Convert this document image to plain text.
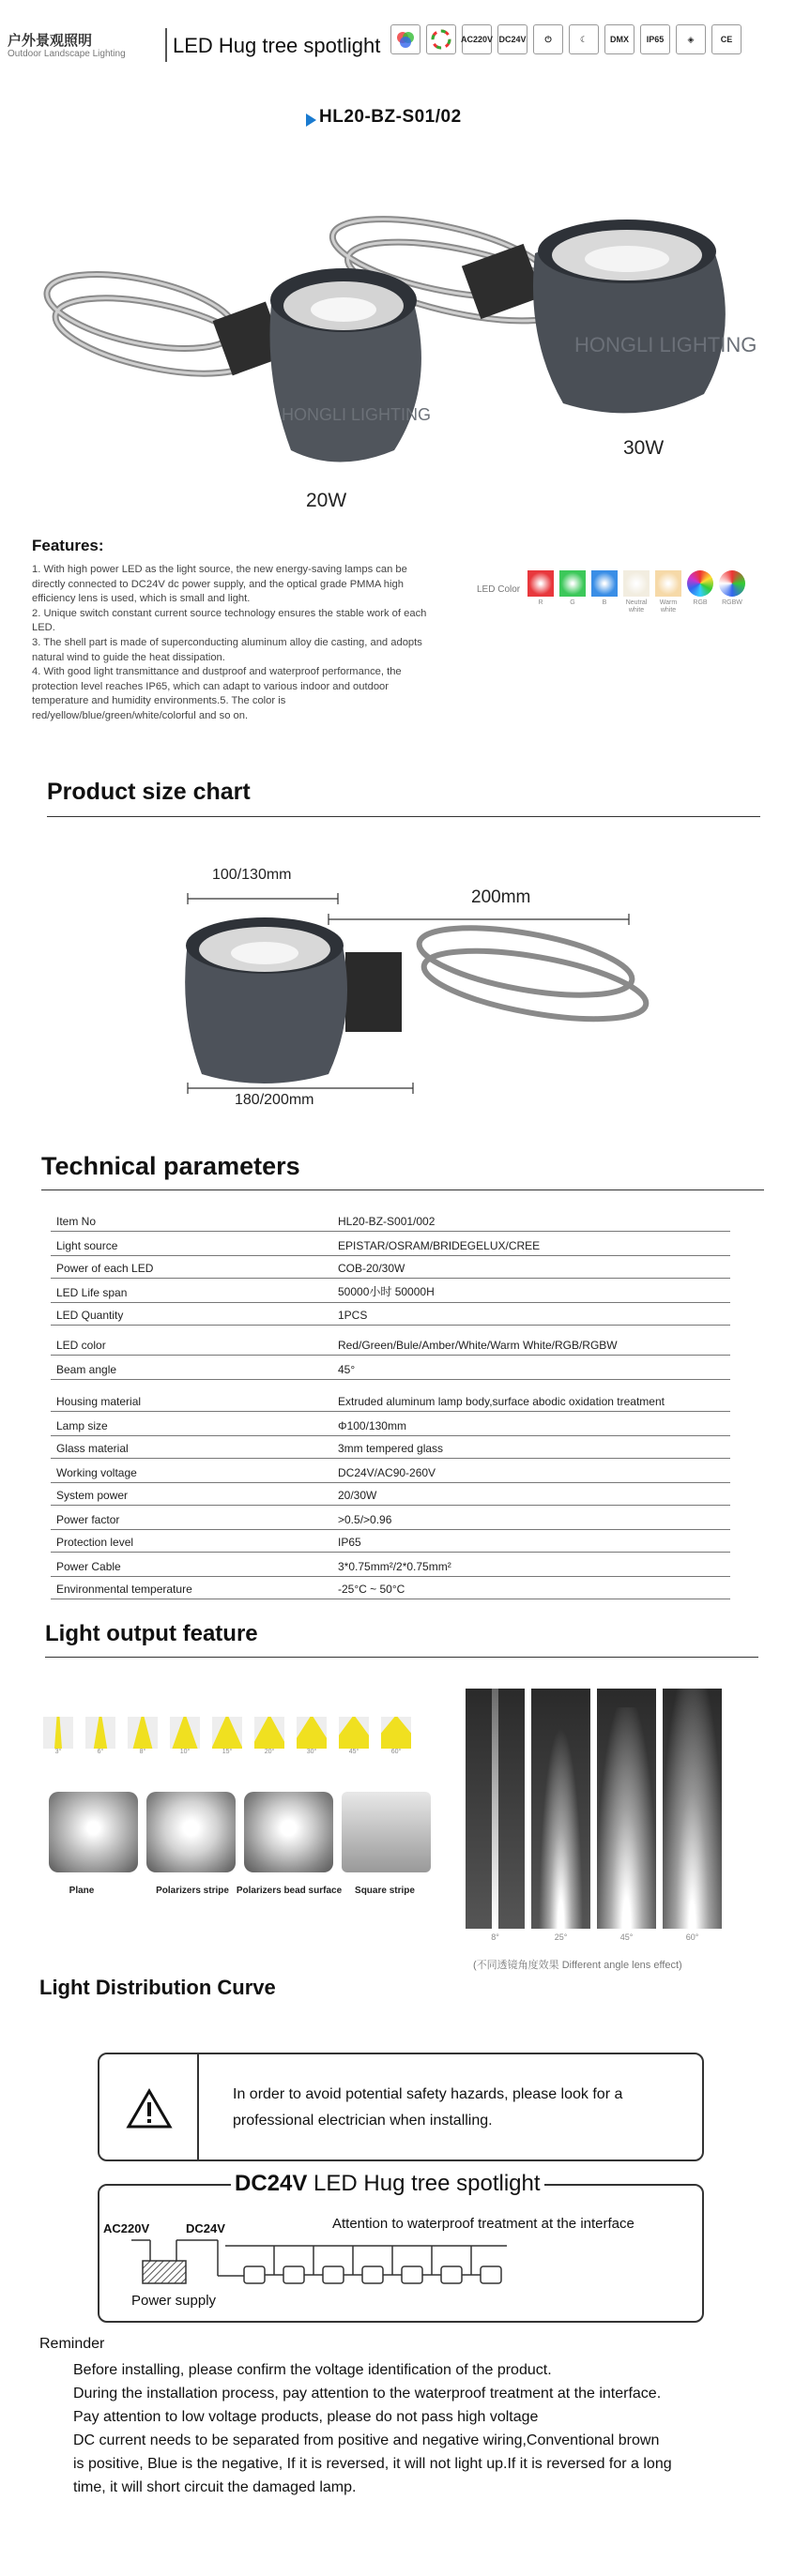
户外景观照明
Outdoor Landscape Lighting LED Hug tree spotlight	AC220V DC24V ⏻	☾	DMX IP65	◈	CE
HL20-BZ-S01/02
HONGLI LIGHTING
HONGLI LIGHTING
20W
30W
Features:

1. With high power LED as the light source, the new energy-saving lamps can be directly connected to DC24V dc power supply, and the optical grade PMMA high efficiency lens is used, which is small and light.

2. Unique switch constant current source technology ensures the stable work of each LED.

3. The shell part is made of superconducting aluminum alloy die casting, and adopts natural wind to guide the heat dissipation.

4. With good light transmittance and dustproof and waterproof performance, the protection level reaches IP65, which can adapt to various indoor and outdoor temperature and humidity environments.5. The color is red/yellow/blue/green/white/colorful and so on.

LED Color
R	G	B	Neutral white
Warm white
RGB	RGBW
Product size chart
100/130mm
200mm
180/200mm
Technical parameters
Item No	HL20-BZ-S001/002
Light source	EPISTAR/OSRAM/BRIDEGELUX/CREE
Power of each LED	COB-20/30W
LED Life span	50000小时 50000H
LED Quantity	1PCS
LED color	Red/Green/Bule/Amber/White/Warm White/RGB/RGBW
Beam angle	45°
Housing material	Extruded aluminum lamp body,surface abodic oxidation treatment
Lamp size	Φ100/130mm
Glass material	3mm tempered glass
Working voltage	DC24V/AC90-260V
System power	20/30W
Power factor	>0.5/>0.96
Protection level	IP65
Power Cable	3*0.75mm²/2*0.75mm²
Environmental temperature	-25°C ~ 50°C
Light output feature
3°	6°	8°	10°	15°	20°	30°	45°	60°
Plane	Polarizers stripe Polarizers bead surface	Square stripe
8°	25°	45°	60°
(不同透镜角度效果 Different angle lens effect)
Light Distribution Curve
In order to avoid potential safety hazards, please look for a
professional electrician when installing.
DC24V LED Hug tree spotlight
Attention to waterproof treatment at the interface
AC220V	DC24V
Power supply
Reminder

Before installing, please confirm the voltage identification of the product.

During the installation process, pay attention to the waterproof treatment at the interface.

Pay attention to low voltage products, please do not pass high voltage

DC current needs to be separated from positive and negative wiring,Conventional brown

is positive, Blue is the negative, If it is reversed, it will not light up.If it is reversed for a long

time, it will short circuit the damaged lamp.
